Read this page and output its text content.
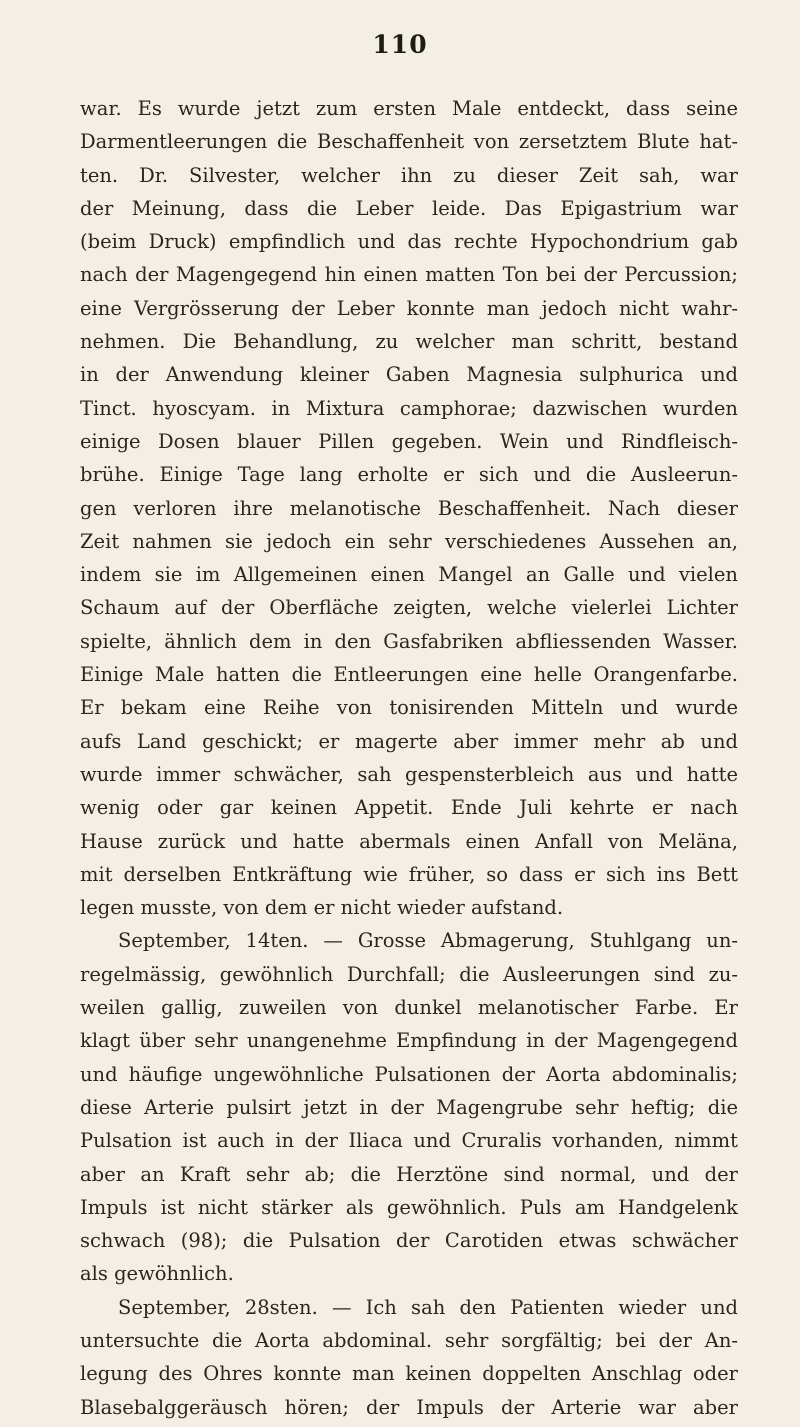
110
war. Es wurde jetzt zum ersten Male entdeckt, dass seine
Darmentleerungen die Beschaffenheit von zersetztem Blute hat-
ten. Dr. Silvester, welcher ihn zu dieser Zeit sah, war
der Meinung, dass die Leber leide. Das Epigastrium war
(beim Druck) empfindlich und das rechte Hypochondrium gab
nach der Magengegend hin einen matten Ton bei der Percussion;
eine Vergrösserung der Leber konnte man jedoch nicht wahr-
nehmen. Die Behandlung, zu welcher man schritt, bestand
in der Anwendung kleiner Gaben Magnesia sulphurica und
Tinct. hyoscyam. in Mixtura camphorae; dazwischen wurden
einige Dosen blauer Pillen gegeben. Wein und Rindfleisch-
brühe. Einige Tage lang erholte er sich und die Ausleerun-
gen verloren ihre melanotische Beschaffenheit. Nach dieser
Zeit nahmen sie jedoch ein sehr verschiedenes Aussehen an,
indem sie im Allgemeinen einen Mangel an Galle und vielen
Schaum auf der Oberfläche zeigten, welche vielerlei Lichter
spielte, ähnlich dem in den Gasfabriken abfliessenden Wasser.
Einige Male hatten die Entleerungen eine helle Orangenfarbe.
Er bekam eine Reihe von tonisirenden Mitteln und wurde
aufs Land geschickt; er magerte aber immer mehr ab und
wurde immer schwächer, sah gespensterbleich aus und hatte
wenig oder gar keinen Appetit. Ende Juli kehrte er nach
Hause zurück und hatte abermals einen Anfall von Meläna,
mit derselben Entkräftung wie früher, so dass er sich ins Bett
legen musste, von dem er nicht wieder aufstand.
September, 14ten. — Grosse Abmagerung, Stuhlgang un-
regelmässig, gewöhnlich Durchfall; die Ausleerungen sind zu-
weilen gallig, zuweilen von dunkel melanotischer Farbe. Er
klagt über sehr unangenehme Empfindung in der Magengegend
und häufige ungewöhnliche Pulsationen der Aorta abdominalis;
diese Arterie pulsirt jetzt in der Magengrube sehr heftig; die
Pulsation ist auch in der Iliaca und Cruralis vorhanden, nimmt
aber an Kraft sehr ab; die Herztöne sind normal, und der
Impuls ist nicht stärker als gewöhnlich. Puls am Handgelenk
schwach (98); die Pulsation der Carotiden etwas schwächer
als gewöhnlich.
September, 28sten. — Ich sah den Patienten wieder und
untersuchte die Aorta abdominal. sehr sorgfältig; bei der An-
legung des Ohres konnte man keinen doppelten Anschlag oder
Blasebalggeräusch hören; der Impuls der Arterie war aber
